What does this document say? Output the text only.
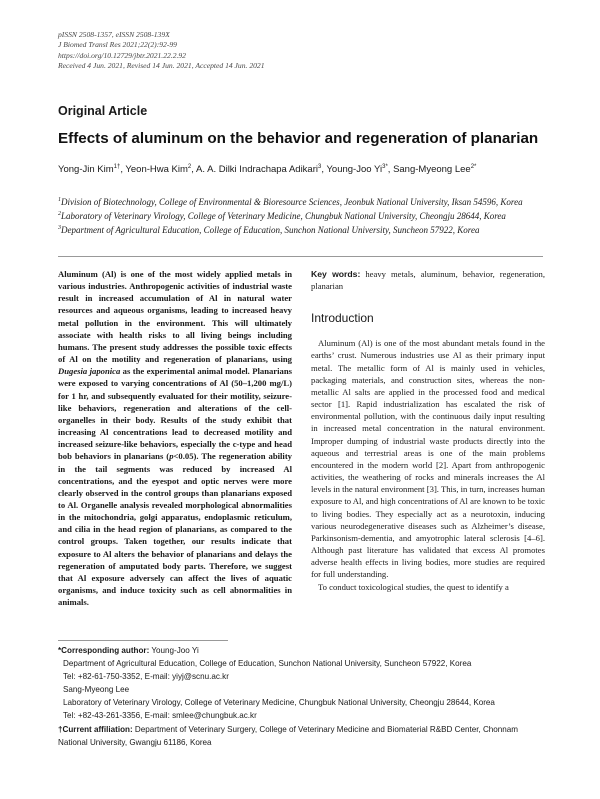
pISSN 2508-1357, eISSN 2508-139X
J Biomed Transl Res 2021;22(2):92-99
https://doi.org/10.12729/jbtr.2021.22.2.92
Received 4 Jun. 2021, Revised 14 Jun. 2021, Accepted 14 Jun. 2021
Original Article
Effects of aluminum on the behavior and regeneration of planarian
Yong-Jin Kim$^{1\dagger}$, Yeon-Hwa Kim$^2$, A. A. Dilki Indrachapa Adikari$^3$, Young-Joo $Yi^{3*}$, Sang-Myeong Lee$^{2*}$

$^1$Division of Biotechnology, College of Environmental & Bioresource Sciences, Jeonbuk National University, Iksan 54596, Korea

$^2$Laboratory of Veterinary Virology, College of Veterinary Medicine, Chungbuk National University, Cheongju 28644, Korea

$^3$Department of Agricultural Education, College of Education, Sunchon National University, Suncheon 57922, Korea

Aluminum (Al) is one of the most widely applied metals in various industries. Anthropogenic activities of industrial waste result in increased accumulation of Al in natural water resources and aqueous organisms, leading to increased heavy metal pollution in the environment. This will ultimately associate with health risks to all living beings including humans. The present study addresses the possible toxic effects of Al on the motility and regeneration of planarians, using Dugesia japonica as the experimental animal model. Planarians were exposed to varying concentrations of Al (50–1,200 mg/L) for 1 hr, and subsequently evaluated for their motility, seizure-like behaviors, regeneration and alterations of the cell-organelles in their body. Results of the study exhibit that increasing Al concentrations lead to decreased motility and increased seizure-like behaviors, especially the c-type and head bob behaviors in planarians (p<0.05). The regeneration ability in the tail segments was reduced by increased Al concentrations, and the eyespot and optic nerves were more clearly observed in the control groups than planarians exposed to Al. Organelle analysis revealed morphological abnormalities in the mitochondria, golgi apparatus, endoplasmic reticulum, and cilia in the head region of planarians, as compared to the control groups. Taken together, our results indicate that exposure to Al alters the behavior of planarians and delays the regeneration of amputated body parts. Therefore, we suggest that Al exposure adversely can affect the lives of aquatic organisms, and induce toxicity such as cell abnormalities in animals.

Key words: heavy metals, aluminum, behavior, regeneration, planarian

Introduction

Aluminum (Al) is one of the most abundant metals found in the earths’ crust. Numerous industries use Al as their primary input metal. The metallic form of Al is mainly used in vehicles, packaging materials, and construction sites, whereas the non-metallic Al salts are applied in the processed food and medical sector [1]. Rapid industrialization has escalated the risk of environmental pollution, with the continuous daily input resulting in increased metal concentration in the natural environment. Improper dumping of industrial waste products directly into the aqueous and terrestrial areas is one of the main problems encountered in the modern world [2]. Apart from anthropogenic activities, the weathering of rocks and minerals increases the Al levels in the natural environment [3]. This, in turn, increases human exposure to Al, and high concentrations of Al are known to be toxic to living bodies. They especially act as a neurotoxin, inducing various neurodegenerative diseases such as Alzheimer’s disease, Parkinsonism-dementia, and amyotrophic lateral sclerosis [4–6]. Although past literature has validated that excess Al promotes adverse health effects in living bodies, more studies are required for full understanding.

To conduct toxicological studies, the quest to identify a

*Corresponding author: Young-Joo Yi

Department of Agricultural Education, College of Education, Sunchon National University, Suncheon 57922, Korea

Tel: +82-61-750-3352, E-mail: yiyj@scnu.ac.kr

Sang-Myeong Lee

Laboratory of Veterinary Virology, College of Veterinary Medicine, Chungbuk National University, Cheongju 28644, Korea

Tel: +82-43-261-3356, E-mail: smlee@chungbuk.ac.kr

†Current affiliation: Department of Veterinary Surgery, College of Veterinary Medicine and Biomaterial R&BD Center, Chonnam National University, Gwangju 61186, Korea
